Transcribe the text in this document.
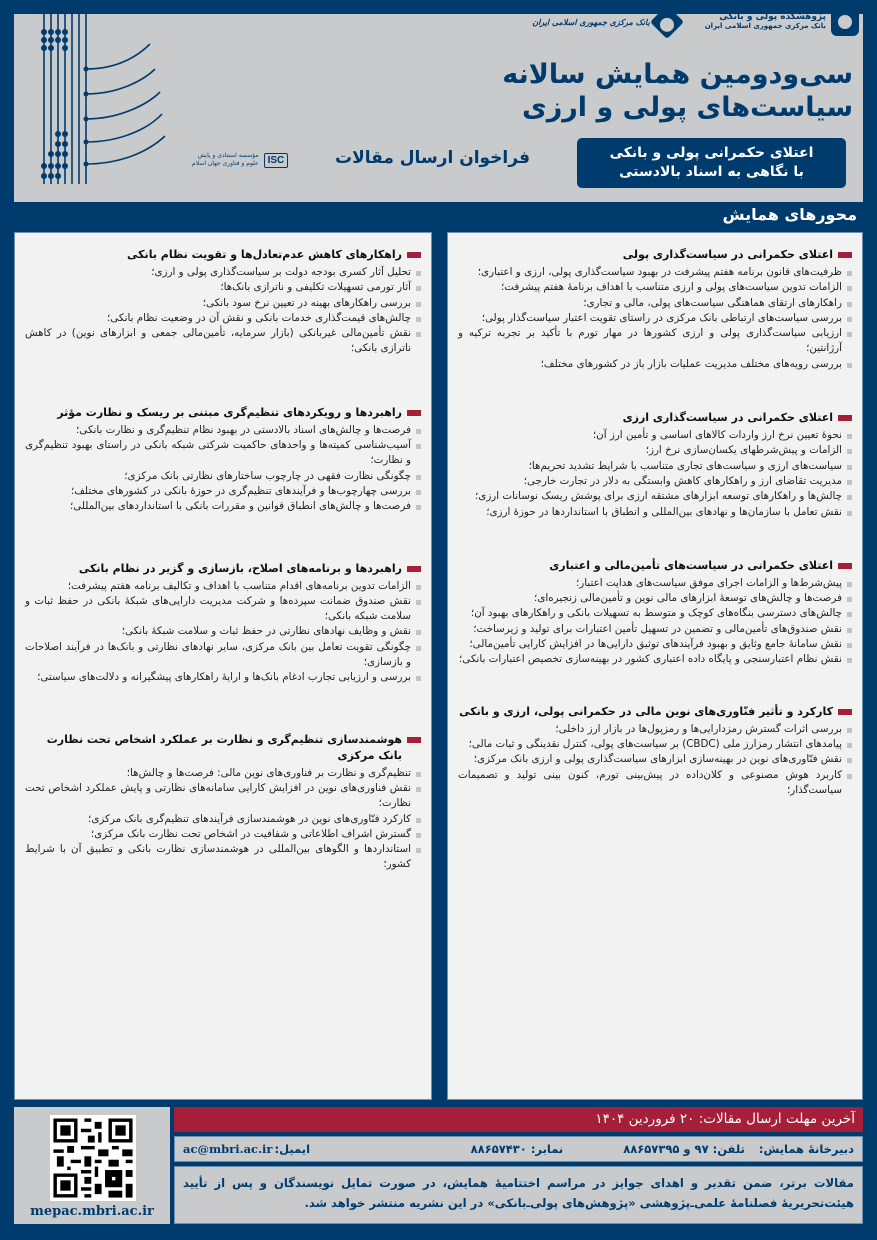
پژوهشکده پولی و بانکی
بانک مرکزی جمهوری اسلامی ایران
بانک مرکزی جمهوری اسلامی ایران
سی‌ودومین همایش سالانه
سیاست‌های پولی و ارزی
اعتلای حکمرانی پولی و بانکی
با نگاهی به اسناد بالادستی
فراخوان ارسال مقالات
ISC
مؤسسه استنادی و پایش
علوم و فناوری جهان اسلام
محورهای همایش
اعتلای حکمرانی در سیاست‌گذاری پولی
ظرفیت‌های قانون برنامه هفتم پیشرفت در بهبود سیاست‌گذاری پولی، ارزی و اعتباری؛
الزامات تدوین سیاست‌های پولی و ارزی متناسب با اهداف برنامهٔ هفتم پیشرفت؛
راهکارهای ارتقای هماهنگی سیاست‌های پولی، مالی و تجاری؛
بررسی سیاست‌های ارتباطی بانک مرکزی در راستای تقویت اعتبار سیاست‌گذار پولی؛
ارزیابی سیاست‌گذاری پولی و ارزی کشورها در مهار تورم با تأکید بر تجربه ترکیه و آرژانتین؛
بررسی رویه‌های مختلف مدیریت عملیات بازار باز در کشورهای مختلف؛
اعتلای حکمرانی در سیاست‌گذاری ارزی
نحوهٔ تعیین نرخ ارز واردات کالاهای اساسی و تأمین ارز آن؛
الزامات و پیش‌شرطهای یکسان‌سازی نرخ ارز؛
سیاست‌های ارزی و سیاست‌های تجاری متناسب با شرایط تشدید تحریم‌ها؛
مدیریت تقاضای ارز و راهکارهای کاهش وابستگی به دلار در تجارت خارجی؛
چالش‌ها و راهکارهای توسعه ابزارهای مشتقه ارزی برای پوشش ریسک نوسانات ارزی؛
نقش تعامل با سازمان‌ها و نهادهای بین‌المللی و انطباق با استانداردها در حوزهٔ ارزی؛
اعتلای حکمرانی در سیاست‌های تأمین‌مالی و اعتباری
پیش‌شرط‌ها و الزامات اجرای موفق سیاست‌های هدایت اعتبار؛
فرصت‌ها و چالش‌های توسعهٔ ابزارهای مالی نوین و تأمین‌مالی زنجیره‌ای؛
چالش‌های دسترسی بنگاه‌های کوچک و متوسط به تسهیلات بانکی و راهکارهای بهبود آن؛
نقش صندوق‌های تأمین‌مالی و تضمین در تسهیل تأمین اعتبارات برای تولید و زیرساخت؛
نقش سامانهٔ جامع وثایق و بهبود فرآیندهای توثیق دارایی‌ها در افزایش کارایی تأمین‌مالی؛
نقش نظام اعتبارسنجی و پایگاه داده اعتباری کشور در بهینه‌سازی تخصیص اعتبارات بانکی؛
کارکرد و تأثیر فنّاوری‌های نوین مالی در حکمرانی پولی، ارزی و بانکی
بررسی اثرات گسترش رمزدارایی‌ها و رمزپول‌ها در بازار ارز داخلی؛
پیامدهای انتشار رمزارز ملی (CBDC) بر سیاست‌های پولی، کنترل نقدینگی و ثبات مالی؛
نقش فنّاوری‌های نوین در بهینه‌سازی ابزارهای سیاست‌گذاری پولی و ارزی بانک مرکزی؛
کاربرد هوش مصنوعی و کلان‌داده در پیش‌بینی تورم، کنون بینی تولید و تصمیمات سیاست‌گذار؛
راهکارهای کاهش عدم‌تعادل‌ها و تقویت نظام بانکی
تحلیل آثار کسری بودجه دولت بر سیاست‌گذاری پولی و ارزی؛
آثار تورمی تسهیلات تکلیفی و ناترازی بانک‌ها؛
بررسی راهکارهای بهینه در تعیین نرخ سود بانکی؛
چالش‌های قیمت‌گذاری خدمات بانکی و نقش آن در وضعیت نظام بانکی؛
نقش تأمین‌مالی غیربانکی (بازار سرمایه، تأمین‌مالی جمعی و ابزارهای نوین) در کاهش ناترازی بانکی؛
راهبردها و رویکردهای تنظیم‌گری مبتنی بر ریسک و نظارت مؤثر
فرصت‌ها و چالش‌های اسناد بالادستی در بهبود نظام تنظیم‌گری و نظارت بانکی؛
آسیب‌شناسی کمیته‌ها و واحدهای حاکمیت شرکتی شبکه بانکی در راستای بهبود تنظیم‌گری و نظارت؛
چگونگی نظارت فقهی در چارچوب ساختارهای نظارتی بانک مرکزی؛
بررسی چهارچوب‌ها و فرآیندهای تنظیم‌گری در حوزهٔ بانکی در کشورهای مختلف؛
فرصت‌ها و چالش‌های انطباق قوانین و مقررات بانکی با استانداردهای بین‌المللی؛
راهبردها و برنامه‌های اصلاح، بازسازی و گزیر در نظام بانکی
الزامات تدوین برنامه‌های اقدام متناسب با اهداف و تکالیف برنامه هفتم پیشرفت؛
نقش صندوق ضمانت سپرده‌ها و شرکت مدیریت دارایی‌های شبکهٔ بانکی در حفظ ثبات و سلامت شبکه بانکی؛
نقش و وظایف نهادهای نظارتی در حفظ ثبات و سلامت شبکهٔ بانکی؛
چگونگی تقویت تعامل بین بانک مرکزی، سایر نهادهای نظارتی و بانک‌ها در فرآیند اصلاحات و بازسازی؛
بررسی و ارزیابی تجارب ادغام بانک‌ها و ارایهٔ راهکارهای پیشگیرانه و دلالت‌های سیاستی؛
هوشمندسازی تنظیم‌گری و نظارت بر عملکرد اشخاص تحت نظارت بانک مرکزی
تنظیم‌گری و نظارت بر فناوری‌های نوین مالی: فرصت‌ها و چالش‌ها؛
نقش فناوری‌های نوین در افزایش کارایی سامانه‌های نظارتی و پایش عملکرد اشخاص تحت نظارت؛
کارکرد فنّاوری‌های نوین در هوشمندسازی فرآیندهای تنظیم‌گری بانک مرکزی؛
گسترش اشراف اطلاعاتی و شفافیت در اشخاص تحت نظارت بانک مرکزی؛
استانداردها و الگوهای بین‌المللی در هوشمندسازی نظارت بانکی و تطبیق آن با شرایط کشور؛
آخرین مهلت ارسال مقالات: ۲۰ فروردین ۱۴۰۴
دبیرخانهٔ همایش:
تلفن: ۹۷ و ۸۸۶۵۷۳۹۵
نمابر: ۸۸۶۵۷۴۳۰
ایمیل:
ac@mbri.ac.ir
مقالات برتر، ضمن تقدیر و اهدای جوایز در مراسم اختتامیهٔ همایش، در صورت تمایل نویسندگان و پس از تأیید هیئت‌تحریریهٔ فصلنامهٔ علمی‌ـ‌پژوهشی «پژوهش‌های پولی‌ـ‌بانکی» در این نشریه منتشر خواهد شد.
mepac.mbri.ac.ir
